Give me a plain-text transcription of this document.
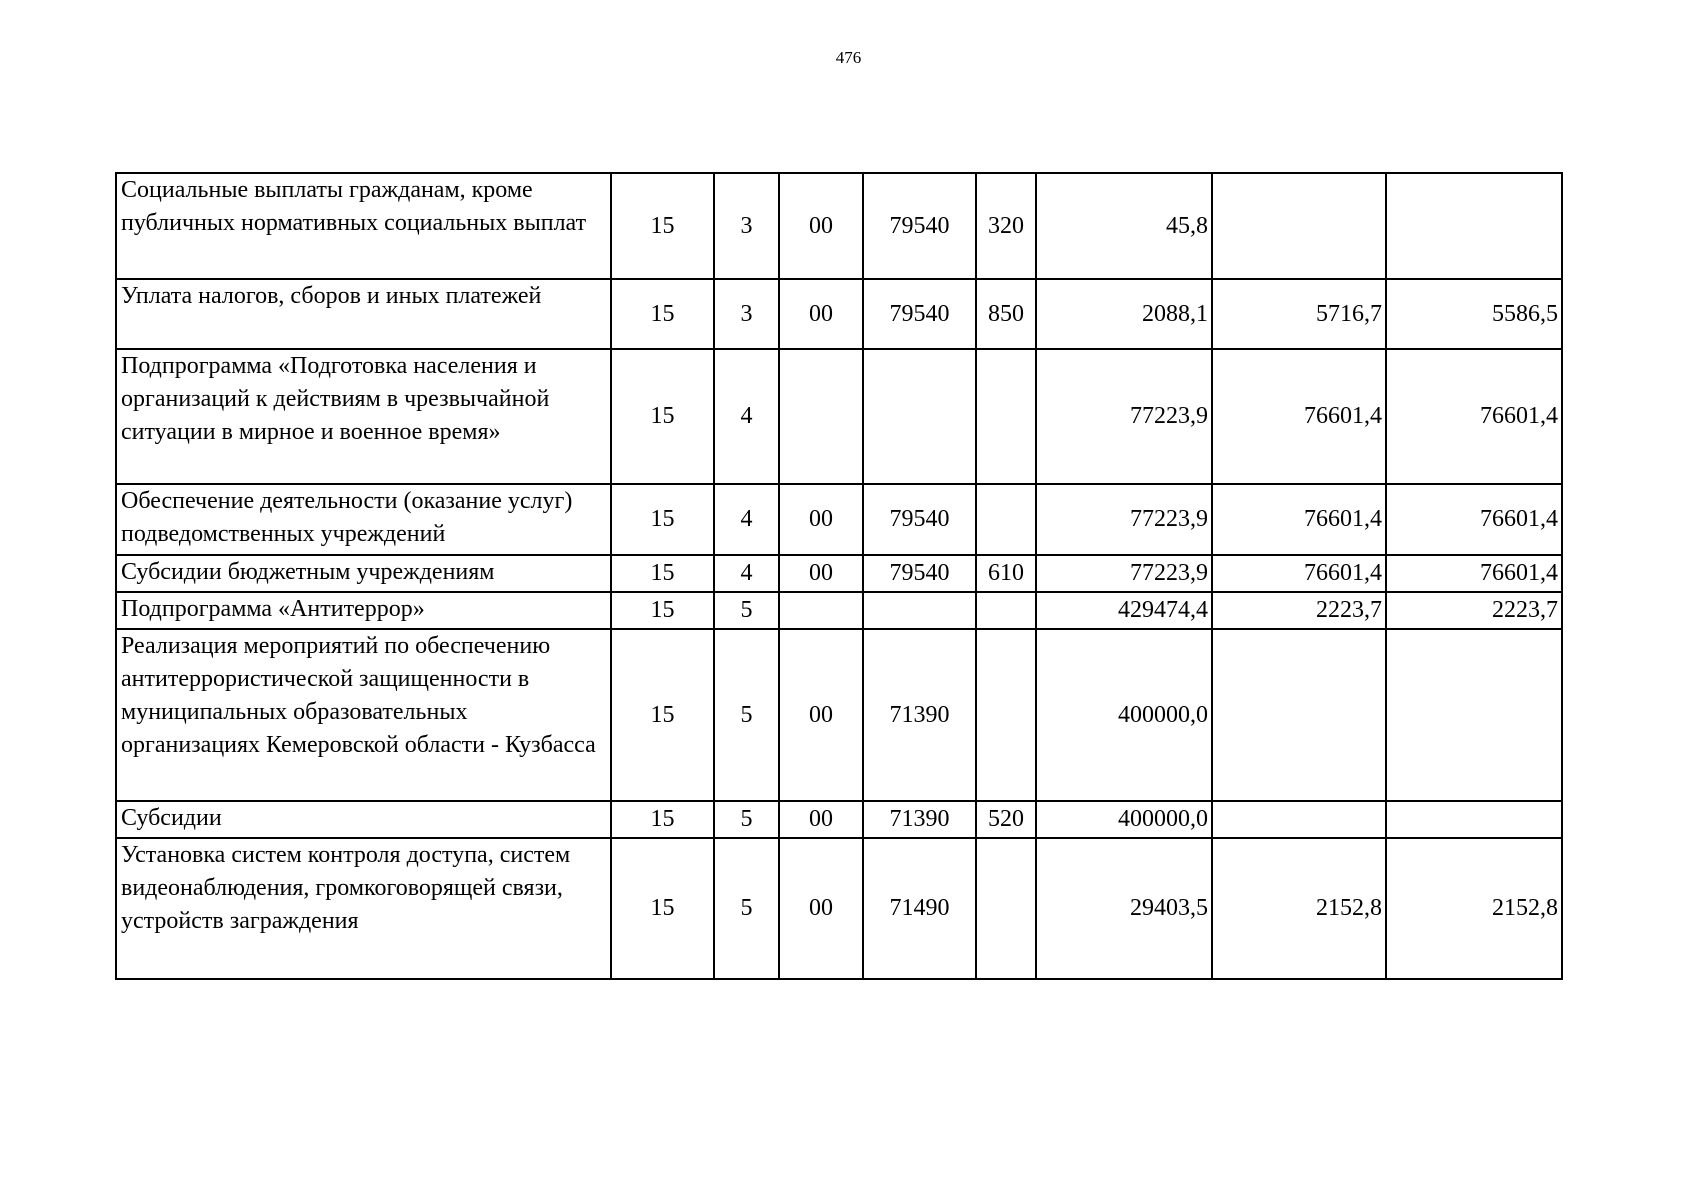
476
Социальные выплаты гражданам, кроме публичных нормативных социальных выплат	15	3	00	79540	320	45,8		
Уплата налогов, сборов и иных платежей	15	3	00	79540	850	2088,1	5716,7	5586,5
Подпрограмма «Подготовка населения и организаций к действиям в чрезвычайной ситуации в мирное и военное время»	15	4				77223,9	76601,4	76601,4
Обеспечение деятельности (оказание услуг) подведомственных учреждений	15	4	00	79540		77223,9	76601,4	76601,4
Субсидии бюджетным учреждениям	15	4	00	79540	610	77223,9	76601,4	76601,4
Подпрограмма «Антитеррор»	15	5				429474,4	2223,7	2223,7
Реализация мероприятий по обеспечению антитеррористической защищенности в муниципальных образовательных организациях Кемеровской области - Кузбасса	15	5	00	71390		400000,0		
Субсидии	15	5	00	71390	520	400000,0		
Установка систем контроля доступа, систем видеонаблюдения, громкоговорящей связи, устройств заграждения	15	5	00	71490		29403,5	2152,8	2152,8
